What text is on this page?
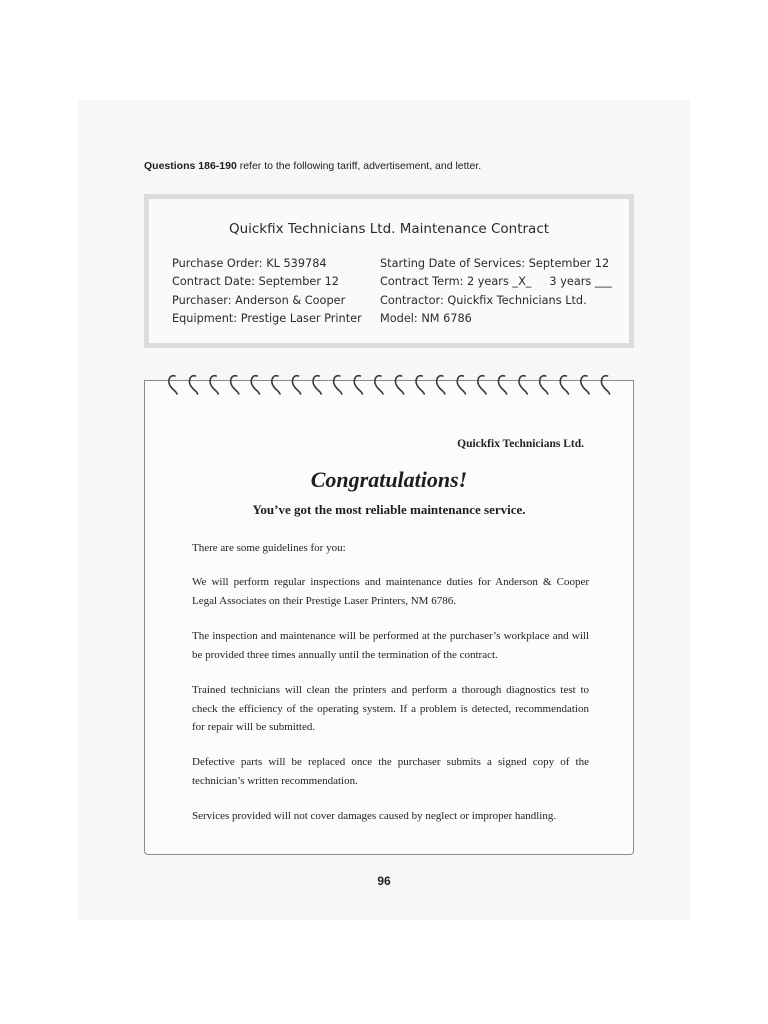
Questions 186-190 refer to the following tariff, advertisement, and letter.
Quickfix Technicians Ltd. Maintenance Contract
Purchase Order: KL 539784
Contract Date: September 12
Purchaser: Anderson & Cooper
Equipment: Prestige Laser Printer
Starting Date of Services: September 12
Contract Term: 2 years _X_     3 years ___
Contractor: Quickfix Technicians Ltd.
Model: NM 6786
Quickfix Technicians Ltd.
Congratulations!
You’ve got the most reliable maintenance service.
There are some guidelines for you:
We will perform regular inspections and maintenance duties for Anderson & Cooper Legal Associates on their Prestige Laser Printers, NM 6786.
The inspection and maintenance will be performed at the purchaser’s workplace and will be provided three times annually until the termination of the contract.
Trained technicians will clean the printers and perform a thorough diagnostics test to check the efficiency of the operating system. If a problem is detected, recommendation for repair will be submitted.
Defective parts will be replaced once the purchaser submits a signed copy of the technician’s written recommendation.
Services provided will not cover damages caused by neglect or improper handling.
96
